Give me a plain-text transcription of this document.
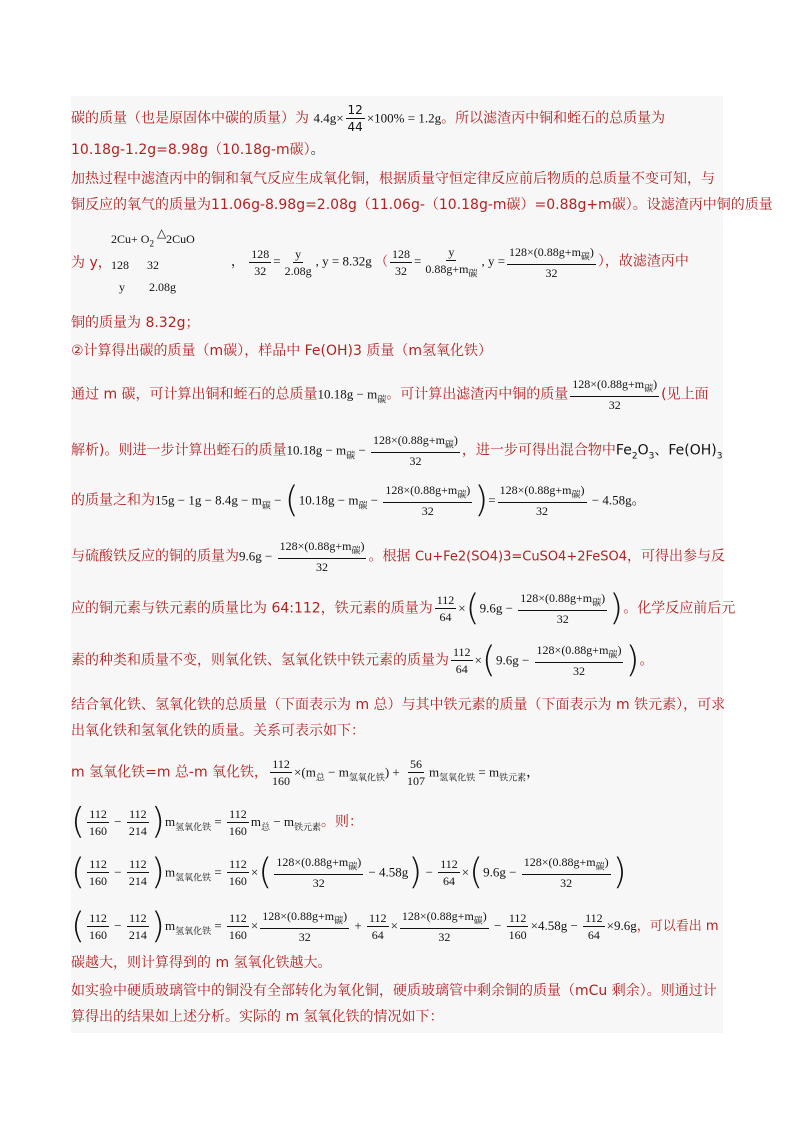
碳的质量（也是原固体中碳的质量）为 $4.4g\times \frac{12}{44} \times 100\% = 1.2g$。所以滤渣丙中铜和蛭石的总质量为
10.18g-1.2g=8.98g（10.18g-m碳）。
加热过程中滤渣丙中的铜和氧气反应生成氧化铜，根据质量守恒定律反应前后物质的总质量不变可知，与
铜反应的氧气的质量为11.06g-8.98g=2.08g（11.06g-（10.18g-m碳）=0.88g+m碳）。设滤渣丙中铜的质量
为 y，
$2Cu+ O_2$ △2CuO
128      32
y        2.08g
， $\frac{128}{32} = \frac{y}{2.08g}$ , y = 8.32g （ $\frac{128}{32} = \frac{y}{0.88g+m_碳}$ , $y = \frac{128\times(0.88g+m_碳)}{32}$ ），故滤渣丙中
铜的质量为 8.32g；
②计算得出碳的质量（m碳），样品中 Fe(OH)3 质量（m氢氧化铁）
通过 m 碳，可计算出铜和蛭石的总质量$10.18g - m_碳$。可计算出滤渣丙中铜的质量 $\frac{128\times(0.88g+m_碳)}{32}$ (见上面
解析)。则进一步计算出蛭石的质量$10.18g - m_碳 - \frac{128\times(0.88g+m_碳)}{32}$ ，进一步可得出混合物中$Fe_2O_3$、$Fe(OH)_3$
的质量之和为$15g - 1g - 8.4g - m_碳 - (10.18g - m_碳 - \frac{128\times(0.88g+m_碳)}{32}$ )= $\frac{128\times(0.88g+m_碳)}{32} - 4.58g$。
与硫酸铁反应的铜的质量为$9.6g - \frac{128\times(0.88g+m_碳)}{32}$ 。根据 Cu+Fe2(SO4)3=CuSO4+2FeSO4，可得出参与反
应的铜元素与铁元素的质量比为 64:112，铁元素的质量为 $\frac{112}{64} \times(9.6g - \frac{128\times(0.88g+m_碳)}{32}$ )。化学反应前后元
素的种类和质量不变，则氧化铁、氢氧化铁中铁元素的质量为 $\frac{112}{64} \times(9.6g - \frac{128\times(0.88g+m_碳)}{32}$ )。
结合氧化铁、氢氧化铁的总质量（下面表示为 m 总）与其中铁元素的质量（下面表示为 m 铁元素），可求
出氧化铁和氢氧化铁的质量。关系可表示如下：
m 氢氧化铁=m 总-m 氧化铁， $\frac{112}{160} \times(m_总 - m_{氢氧化铁}) + \frac{56}{107} m_{氢氧化铁} = m_{铁元素}$，
( $\frac{112}{160} - \frac{112}{214} )m_{氢氧化铁} = \frac{112}{160} m_总 - m_{铁元素}$。则：
( $\frac{112}{160} - \frac{112}{214} )m_{氢氧化铁} = \frac{112}{160}$ ×( $\frac{128\times(0.88g+m_碳)}{32} - 4.58g) - \frac{112}{64} \times(9.6g - \frac{128\times(0.88g+m_碳)}{32}$ )
( $\frac{112}{160} - \frac{112}{214} )m_{氢氧化铁} = \frac{112}{160} \times \frac{128\times(0.88g+m_碳)}{32} + \frac{112}{64} \times \frac{128\times(0.88g+m_碳)}{32} - \frac{112}{160} \times 4.58g - \frac{112}{64} \times 9.6g$，可以看出 m
碳越大，则计算得到的 m 氢氧化铁越大。
如实验中硬质玻璃管中的铜没有全部转化为氧化铜，硬质玻璃管中剩余铜的质量（mCu 剩余）。则通过计
算得出的结果如上述分析。实际的 m 氢氧化铁的情况如下：
